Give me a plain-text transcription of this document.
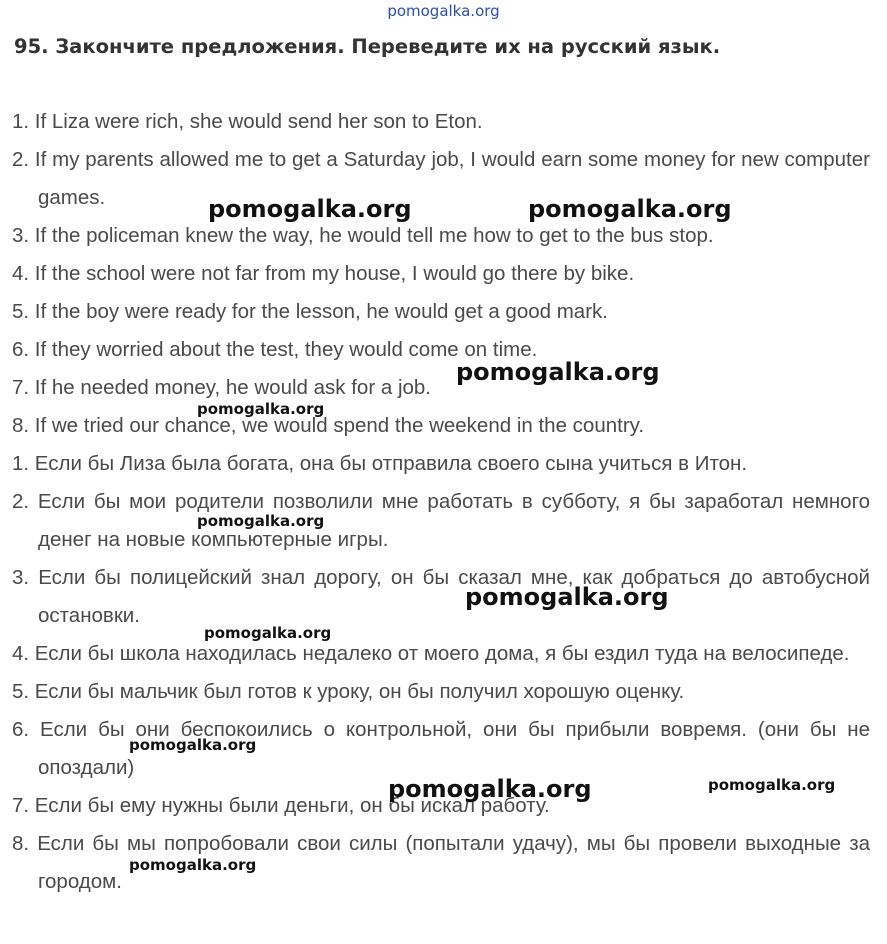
pomogalka.org
95. Закончите предложения. Переведите их на русский язык.

1. If Liza were rich, she would send her son to Eton.

2. If my parents allowed me to get a Saturday job, I would earn some money for new computer games.

3. If the policeman knew the way, he would tell me how to get to the bus stop.

4. If the school were not far from my house, I would go there by bike.

5. If the boy were ready for the lesson, he would get a good mark.

6. If they worried about the test, they would come on time.

7. If he needed money, he would ask for a job.

8. If we tried our chance, we would spend the weekend in the country.

1. Если бы Лиза была богата, она бы отправила своего сына учиться в Итон.

2. Если бы мои родители позволили мне работать в субботу, я бы заработал немного денег на новые компьютерные игры.

3. Если бы полицейский знал дорогу, он бы сказал мне, как добраться до автобусной остановки.

4. Если бы школа находилась недалеко от моего дома, я бы ездил туда на велосипеде.

5. Если бы мальчик был готов к уроку, он бы получил хорошую оценку.

6. Если бы они беспокоились о контрольной, они бы прибыли вовремя. (они бы не опоздали)

7. Если бы ему нужны были деньги, он бы искал работу.

8. Если бы мы попробовали свои силы (попытали удачу), мы бы провели выходные за городом.

pomogalka.org	pomogalka.org
pomogalka.org
pomogalka.org
pomogalka.org
pomogalka.org
pomogalka.org
pomogalka.org
pomogalka.org	pomogalka.org
pomogalka.org
